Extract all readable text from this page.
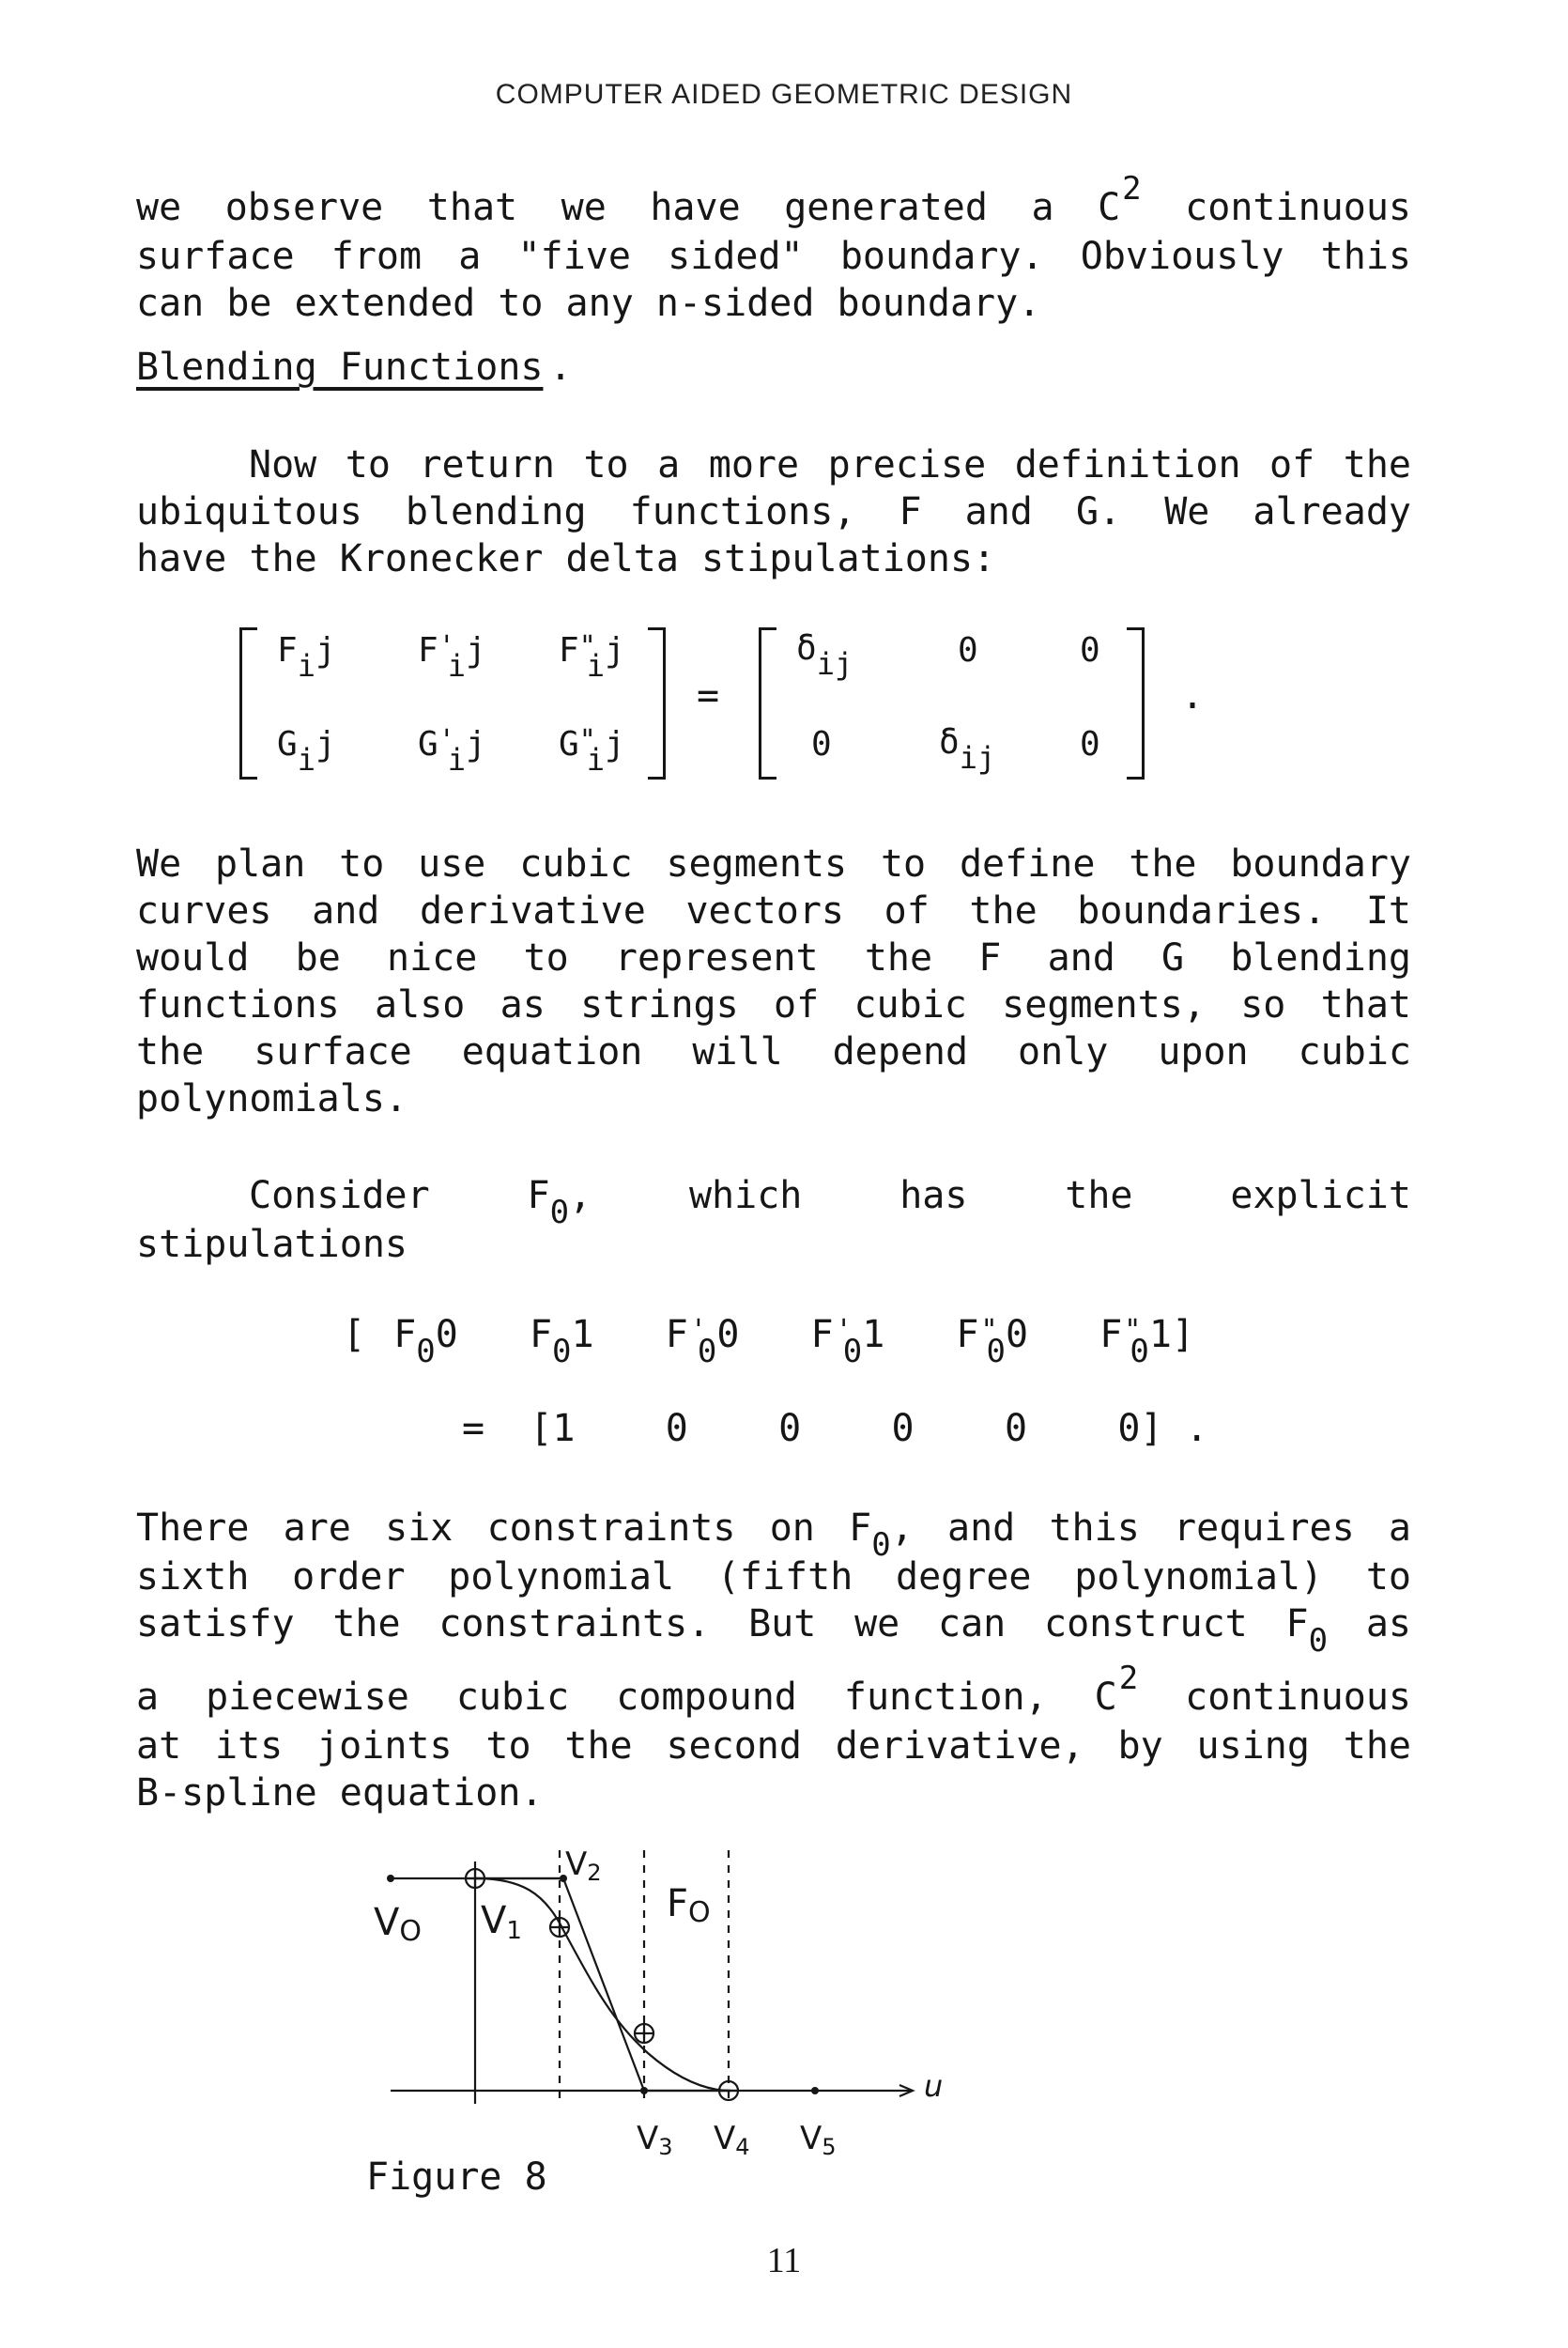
COMPUTER AIDED GEOMETRIC DESIGN
we observe that we have generated a $C^2$ continuous
surface from a "five sided" boundary. Obviously this
can be extended to any n-sided boundary.
Blending Functions .
Now to return to a more precise definition of the
ubiquitous blending functions, F and G. We already
have the Kronecker delta stipulations:
Fij F'ij F"ij
Gij G'ij G"ij
=
δij	0	0
0	δij 0
.
We plan to use cubic segments to define the boundary
curves and derivative vectors of the boundaries. It
would be nice to represent the F and G blending
functions also as strings of cubic segments, so that
the surface equation will depend only upon cubic
polynomials.
Consider	$F_0$,	which	has	the	explicit
stipulations
[ $F_00$ $F_01$ $F'_00$ $F'_01$ $F^"_00$ $F^"_01$]
=  [1    0    0    0    0    0] .
There are six constraints on $F_0$, and this requires a
sixth order polynomial (fifth degree polynomial) to
satisfy the constraints. But we can construct $F_0$ as
a piecewise cubic compound function, $C^2$ continuous
at its joints to the second derivative, by using the
B-spline equation.
VO V1
V2
FO
V3 V4 V5
u
Figure 8
11
